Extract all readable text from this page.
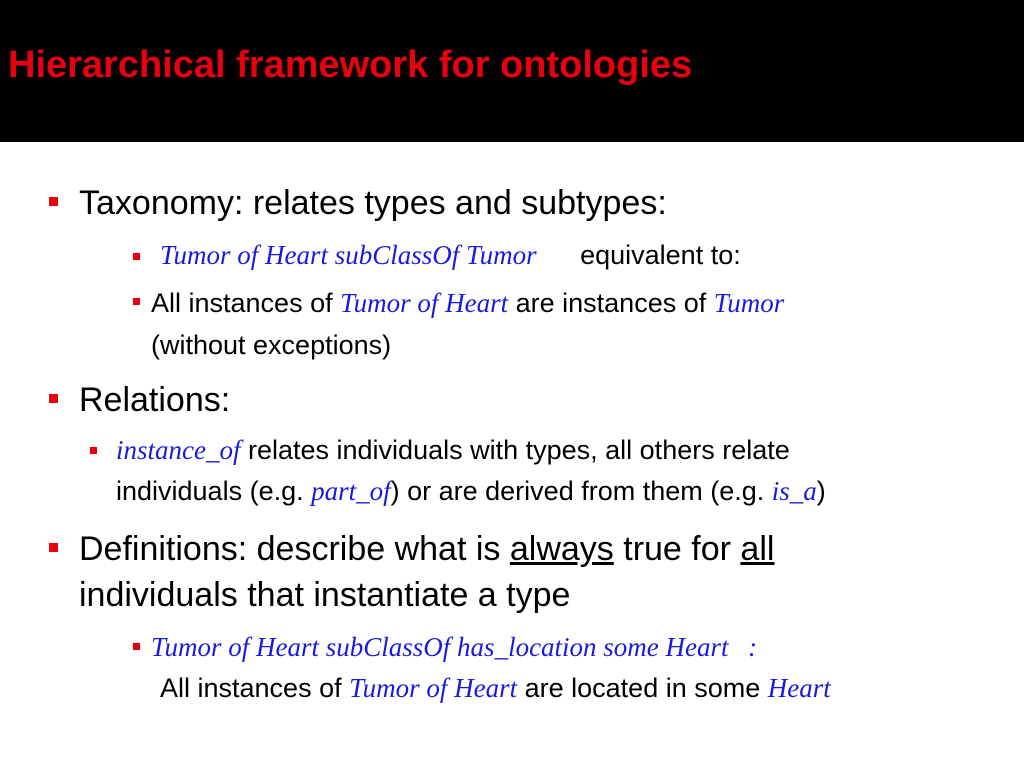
Hierarchical framework for ontologies
Taxonomy: relates types and subtypes:
Tumor of Heart subClassOf Tumor equivalent to:
All instances of Tumor of Heart are instances of Tumor
(without exceptions)
Relations:
instance_of relates individuals with types, all others relate
individuals (e.g. part_of) or are derived from them (e.g. is_a)
Definitions: describe what is always true for all
individuals that instantiate a type
Tumor of Heart subClassOf has_location some Heart :
All instances of Tumor of Heart are located in some Heart
